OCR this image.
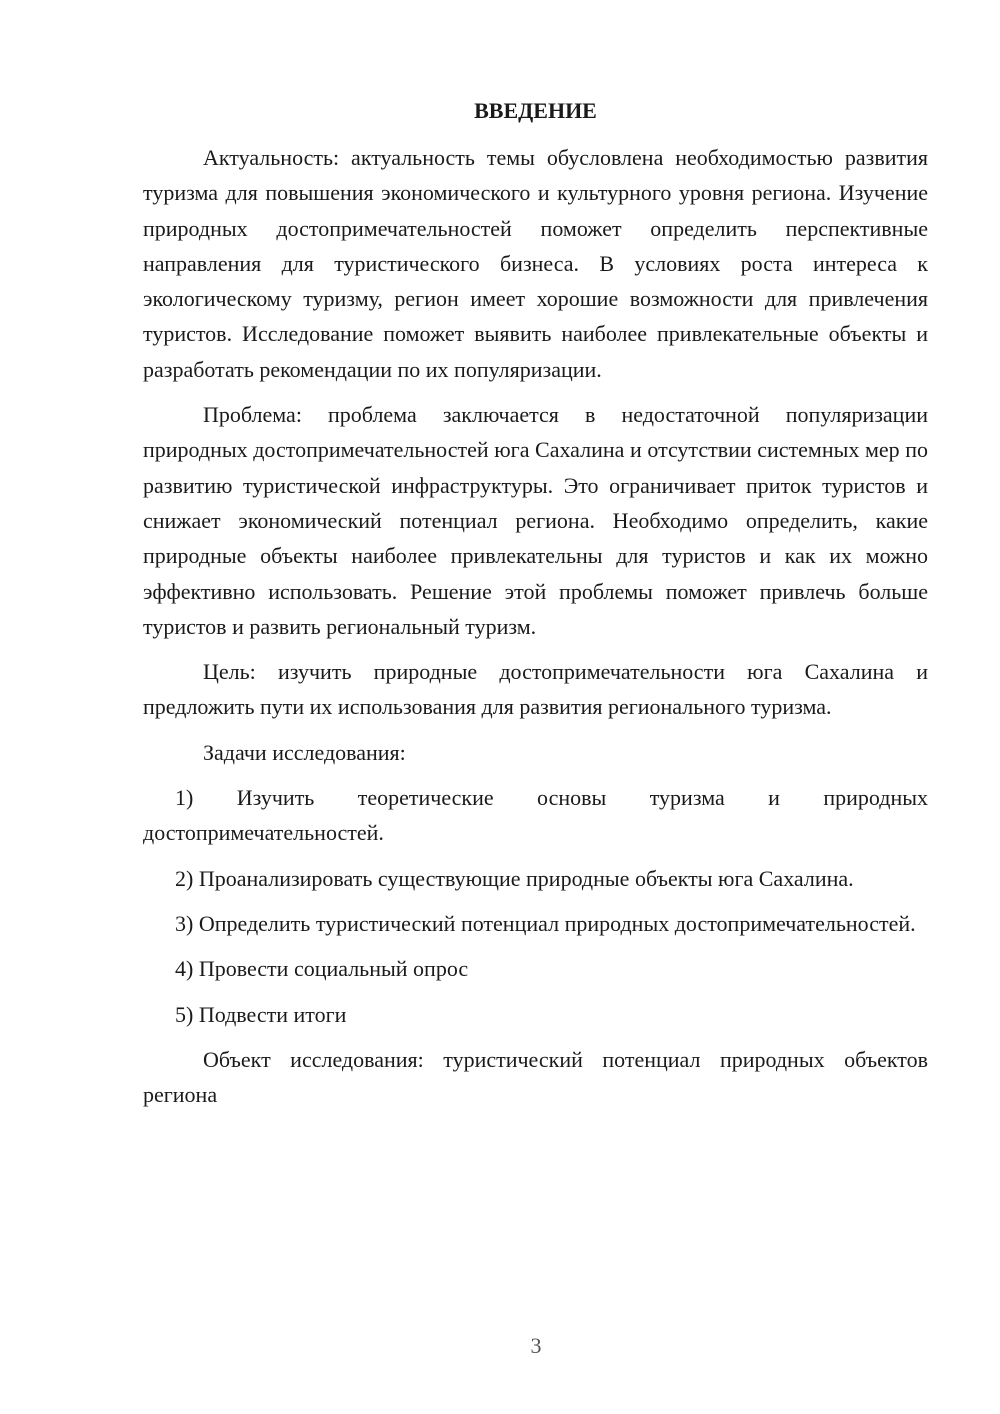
ВВЕДЕНИЕ

Актуальность: актуальность темы обусловлена необходимостью развития туризма для повышения экономического и культурного уровня региона. Изучение природных достопримечательностей поможет определить перспективные направления для туристического бизнеса. В условиях роста интереса к экологическому туризму, регион имеет хорошие возможности для привлечения туристов. Исследование поможет выявить наиболее привлекательные объекты и разработать рекомендации по их популяризации.

Проблема: проблема заключается в недостаточной популяризации природных достопримечательностей юга Сахалина и отсутствии системных мер по развитию туристической инфраструктуры. Это ограничивает приток туристов и снижает экономический потенциал региона. Необходимо определить, какие природные объекты наиболее привлекательны для туристов и как их можно эффективно использовать. Решение этой проблемы поможет привлечь больше туристов и развить региональный туризм.

Цель: изучить природные достопримечательности юга Сахалина и предложить пути их использования для развития регионального туризма.

Задачи исследования:

1) Изучить теоретические основы туризма и природных достопримечательностей.

2) Проанализировать существующие природные объекты юга Сахалина.

3) Определить туристический потенциал природных достопримечательностей.

4) Провести социальный опрос

5) Подвести итоги

Объект исследования: туристический потенциал природных объектов региона

3
